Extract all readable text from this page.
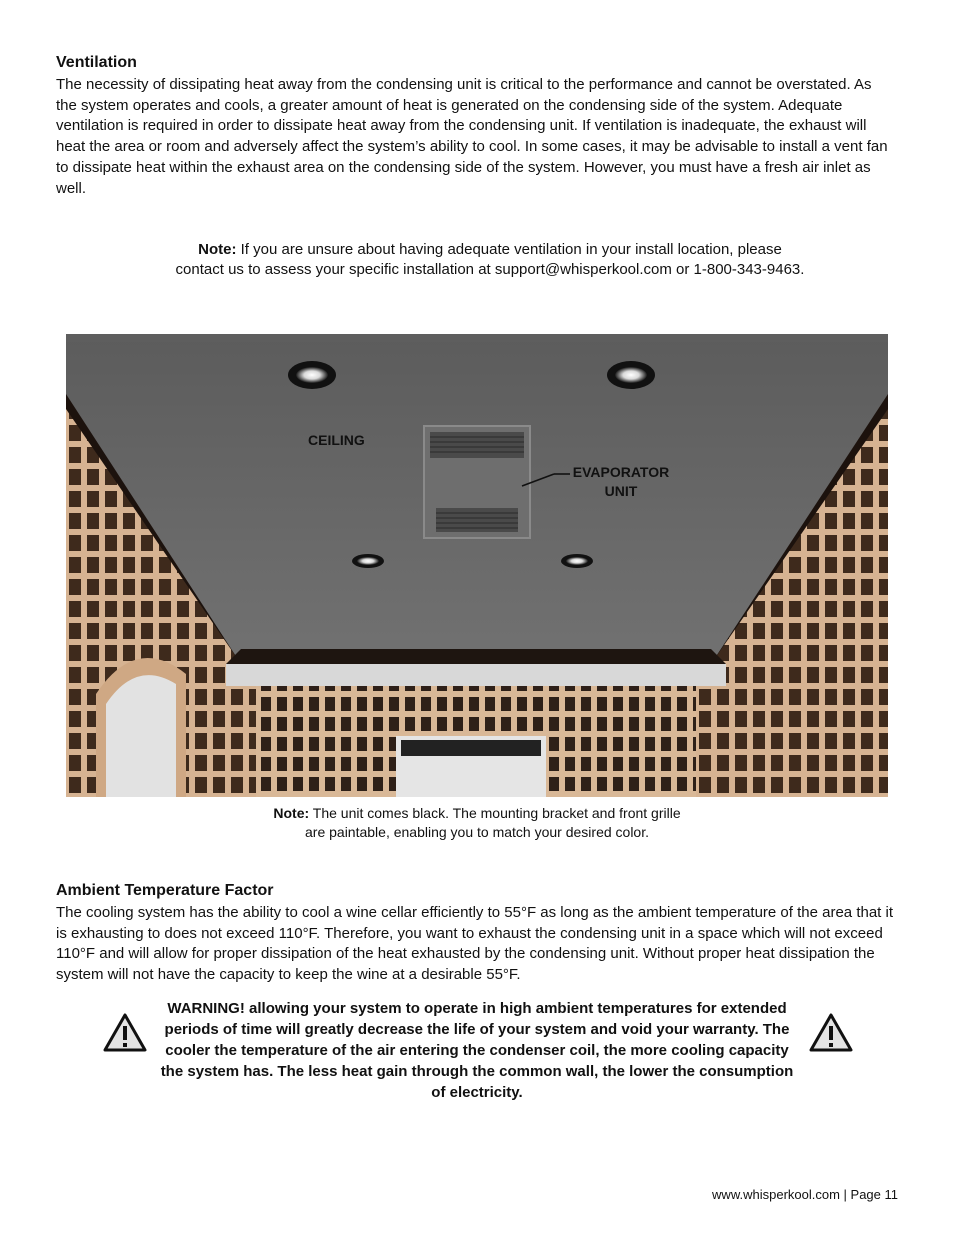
Ventilation

The necessity of dissipating heat away from the condensing unit is critical to the performance and cannot be overstated. As the system operates and cools, a greater amount of heat is generated on the condensing side of the system. Adequate ventilation is required in order to dissipate heat away from the condensing unit. If ventilation is inadequate, the exhaust will heat the area or room and adversely affect the system’s ability to cool. In some cases, it may be advisable to install a vent fan to dissipate heat within the exhaust area on the condensing side of the system. However, you must have a fresh air inlet as well.

Note: If you are unsure about having adequate ventilation in your install location, please
contact us to assess your specific installation at support@whisperkool.com or 1-800-343-9463.
CEILING
EVAPORATOR
UNIT
Note: The unit comes black. The mounting bracket and front grille
are paintable, enabling you to match your desired color.
Ambient Temperature Factor

The cooling system has the ability to cool a wine cellar efficiently to 55°F as long as the ambient temperature of the area that it is exhausting to does not exceed 110°F. Therefore, you want to exhaust the condensing unit in a space which will not exceed 110°F and will allow for proper dissipation of the heat exhausted by the condensing unit. Without proper heat dissipation the system will not have the capacity to keep the wine at a desirable 55°F.

WARNING! allowing your system to operate in high ambient temperatures for extended periods of time will greatly decrease the life of your system and void your warranty. The cooler the temperature of the air entering the condenser coil, the more cooling capacity the system has. The less heat gain through the common wall, the lower the consumption of electricity.
www.whisperkool.com | Page 11
